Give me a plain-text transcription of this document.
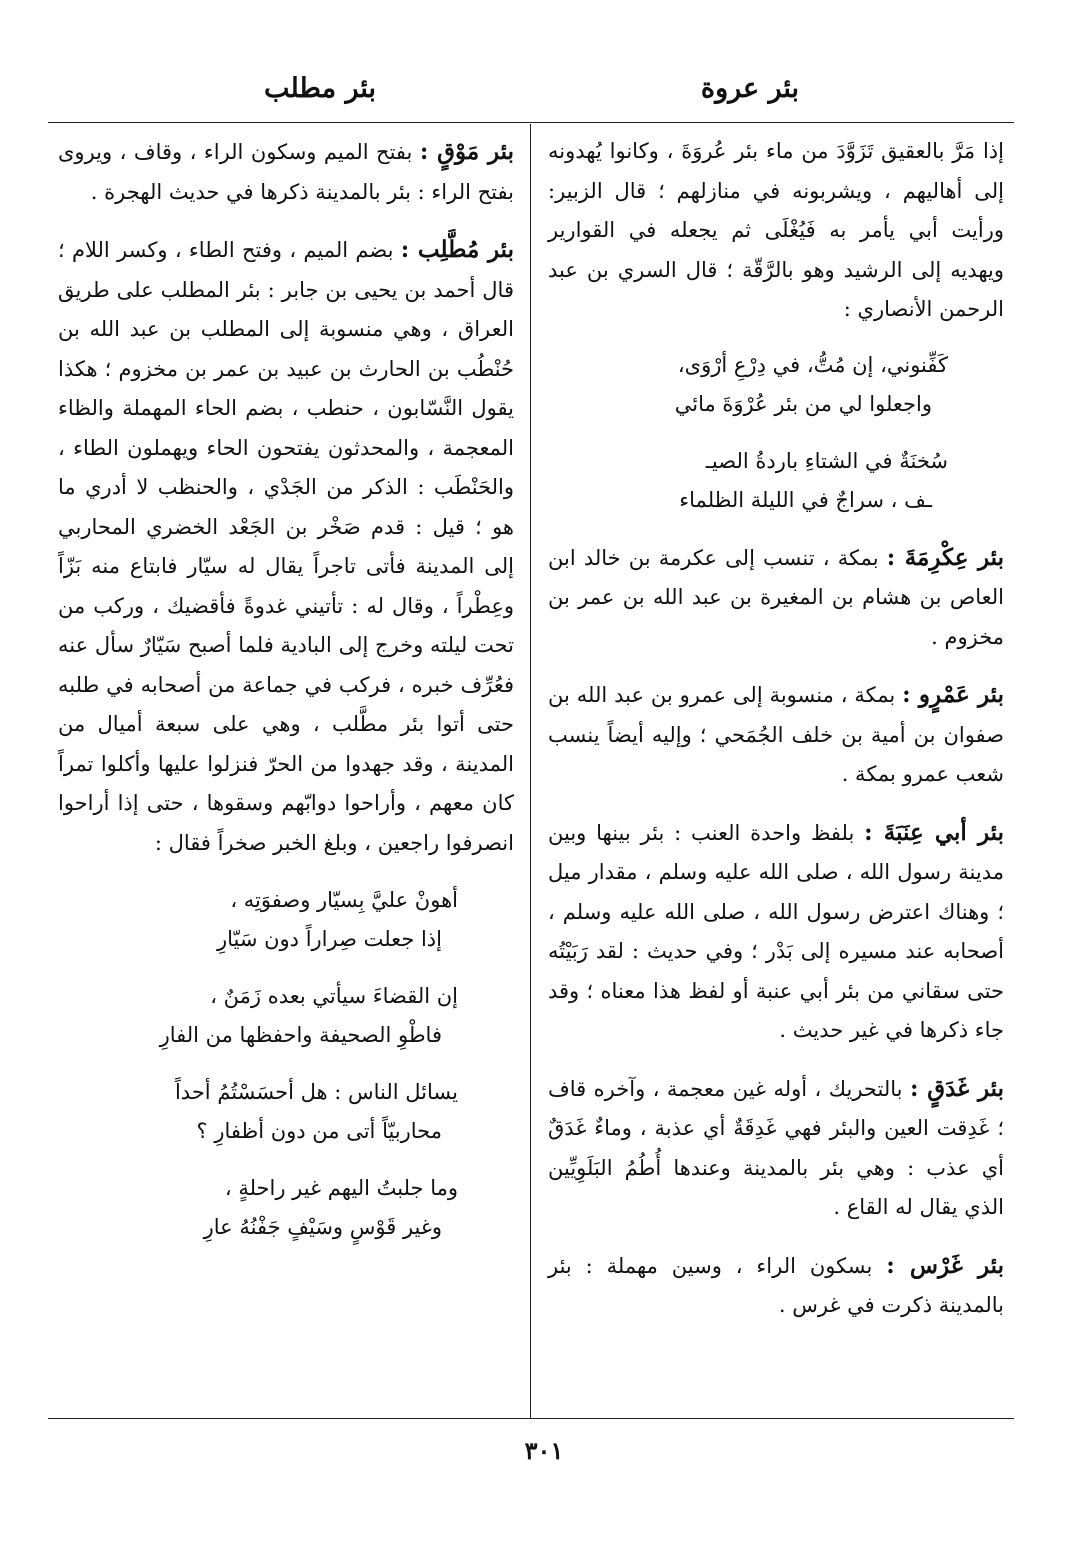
بئر عروة
بئر مطلب

إذا مَرَّ بالعقيق تَزَوَّدَ من ماء بئر عُروَةَ ، وكانوا يُهدونه إلى أهاليهم ، ويشربونه في منازلهم ؛ قال الزبير: ورأيت أبي يأمر به فَيُغْلَى ثم يجعله في القوارير ويهديه إلى الرشيد وهو بالرَّقّة ؛ قال السري بن عبد الرحمن الأنصاري :

كَفِّنوني، إن مُتُّ، في دِرْعِ أرْوَى،
واجعلوا لي من بئر عُرْوَةَ مائي
سُخنَةٌ في الشتاءِ باردةُ الصيـ
ـف ، سراجٌ في الليلة الظلماء

بئر عِكْرِمَةَ : بمكة ، تنسب إلى عكرمة بن خالد ابن العاص بن هشام بن المغيرة بن عبد الله بن عمر بن مخزوم .

بئر عَمْرٍو : بمكة ، منسوبة إلى عمرو بن عبد الله بن صفوان بن أمية بن خلف الجُمَحي ؛ وإليه أيضاً ينسب شعب عمرو بمكة .

بئر أبي عِنَبَةَ : بلفظ واحدة العنب : بئر بينها وبين مدينة رسول الله ، صلى الله عليه وسلم ، مقدار ميل ؛ وهناك اعترض رسول الله ، صلى الله عليه وسلم ، أصحابه عند مسيره إلى بَدْر ؛ وفي حديث : لقد رَبَيْتُه حتى سقاني من بئر أبي عنبة أو لفظ هذا معناه ؛ وقد جاء ذكرها في غير حديث .

بئر غَدَقٍ : بالتحريك ، أوله غين معجمة ، وآخره قاف ؛ غَدِقت العين والبئر فهي غَدِقَةٌ أي عذبة ، وماءٌ غَدَقٌ أي عذب : وهي بئر بالمدينة وعندها أُطُمُ البَلَوِيِّين الذي يقال له القاع .

بئر غَرْس : بسكون الراء ، وسين مهملة : بئر بالمدينة ذكرت في غرس .

بئر مَوْقٍ : بفتح الميم وسكون الراء ، وقاف ، ويروى بفتح الراء : بئر بالمدينة ذكرها في حديث الهجرة .

بئر مُطَّلِب : بضم الميم ، وفتح الطاء ، وكسر اللام ؛ قال أحمد بن يحيى بن جابر : بئر المطلب على طريق العراق ، وهي منسوبة إلى المطلب بن عبد الله بن حُنْطُب بن الحارث بن عبيد بن عمر بن مخزوم ؛ هكذا يقول النَّسّابون ، حنطب ، بضم الحاء المهملة والظاء المعجمة ، والمحدثون يفتحون الحاء ويهملون الطاء ، والحَنْطَب : الذكر من الجَدْي ، والحنظب لا أدري ما هو ؛ قيل : قدم صَخْر بن الجَعْد الخضري المحاربي إلى المدينة فأتى تاجراً يقال له سيّار فابتاع منه بَزّاً وعِطْراً ، وقال له : تأتيني غدوةً فأقضيك ، وركب من تحت ليلته وخرج إلى البادية فلما أصبح سَيّارٌ سأل عنه فعُرِّف خبره ، فركب في جماعة من أصحابه في طلبه حتى أتوا بئر مطَّلب ، وهي على سبعة أميال من المدينة ، وقد جهدوا من الحرّ فنزلوا عليها وأكلوا تمراً كان معهم ، وأراحوا دوابّهم وسقوها ، حتى إذا أراحوا انصرفوا راجعين ، وبلغ الخبر صخراً فقال :

أهونْ عليَّ بِسيّار وصفوَتِه ،
إذا جعلت صِراراً دون سَيّارِ
إن القضاءَ سيأتي بعده زَمَنٌ ،
فاطْوِ الصحيفة واحفظها من الفارِ
يسائل الناس : هل أحسَسْتُمُ أحداً
محاربيّاً أتى من دون أظفارِ ؟
وما جلبتُ اليهم غير راحلةٍ ،
وغير قَوْسٍ وسَيْفٍ جَفْنُهُ عارِ
٣٠١
